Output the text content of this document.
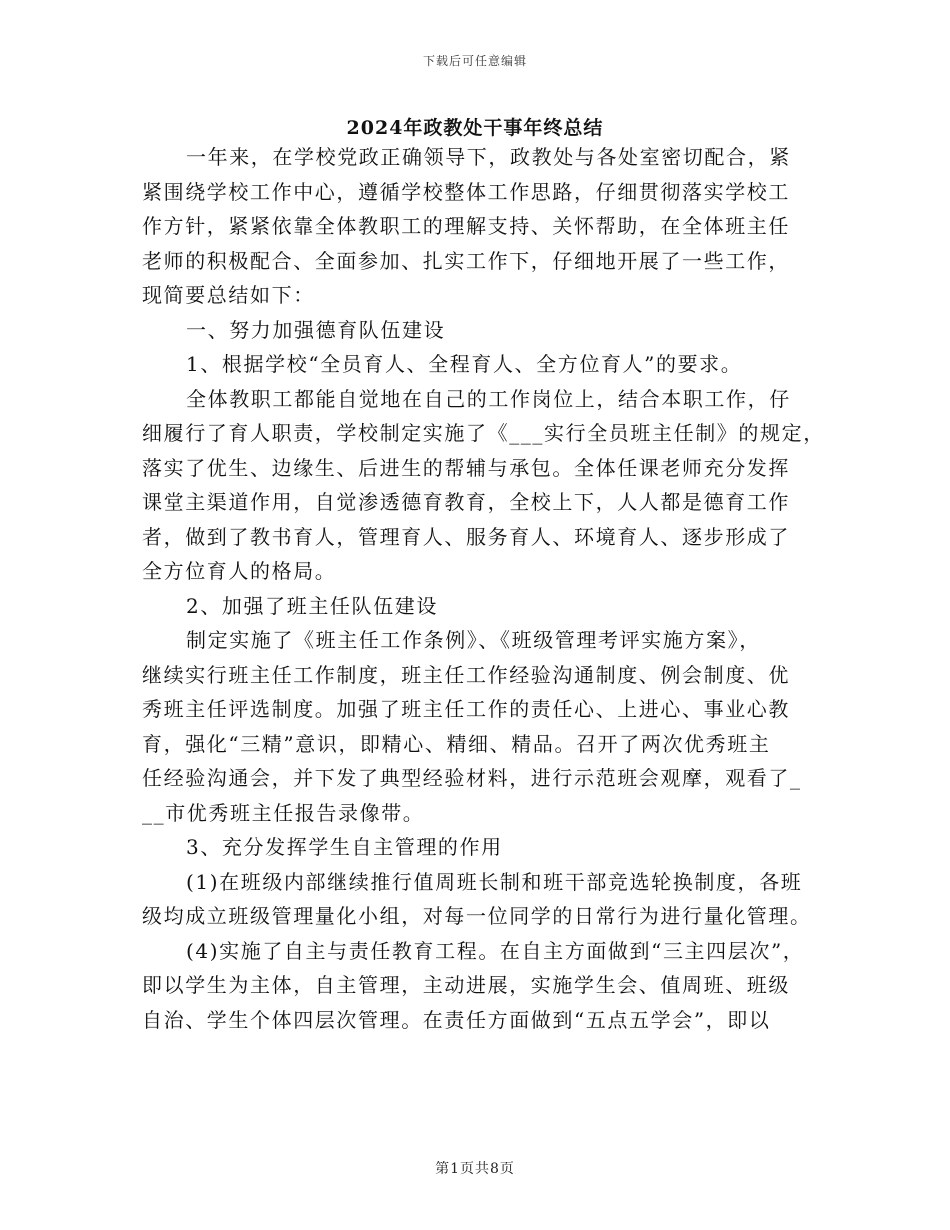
下载后可任意编辑
2024年政教处干事年终总结
一年来，在学校党政正确领导下，政教处与各处室密切配合，紧
紧围绕学校工作中心，遵循学校整体工作思路，仔细贯彻落实学校工
作方针，紧紧依靠全体教职工的理解支持、关怀帮助，在全体班主任
老师的积极配合、全面参加、扎实工作下，仔细地开展了一些工作，
现简要总结如下：
一、努力加强德育队伍建设
1、根据学校“全员育人、全程育人、全方位育人”的要求。
全体教职工都能自觉地在自己的工作岗位上，结合本职工作，仔
细履行了育人职责，学校制定实施了《___实行全员班主任制》的规定，
落实了优生、边缘生、后进生的帮辅与承包。全体任课老师充分发挥
课堂主渠道作用，自觉渗透德育教育，全校上下，人人都是德育工作
者，做到了教书育人，管理育人、服务育人、环境育人、逐步形成了
全方位育人的格局。
2、加强了班主任队伍建设
制定实施了《班主任工作条例》、《班级管理考评实施方案》，
继续实行班主任工作制度，班主任工作经验沟通制度、例会制度、优
秀班主任评选制度。加强了班主任工作的责任心、上进心、事业心教
育，强化“三精”意识，即精心、精细、精品。召开了两次优秀班主
任经验沟通会，并下发了典型经验材料，进行示范班会观摩，观看了_
__市优秀班主任报告录像带。
3、充分发挥学生自主管理的作用
(1)在班级内部继续推行值周班长制和班干部竞选轮换制度，各班
级均成立班级管理量化小组，对每一位同学的日常行为进行量化管理。
(4)实施了自主与责任教育工程。在自主方面做到“三主四层次”，
即以学生为主体，自主管理，主动进展，实施学生会、值周班、班级
自治、学生个体四层次管理。在责任方面做到“五点五学会”，即以
第1页共8页
